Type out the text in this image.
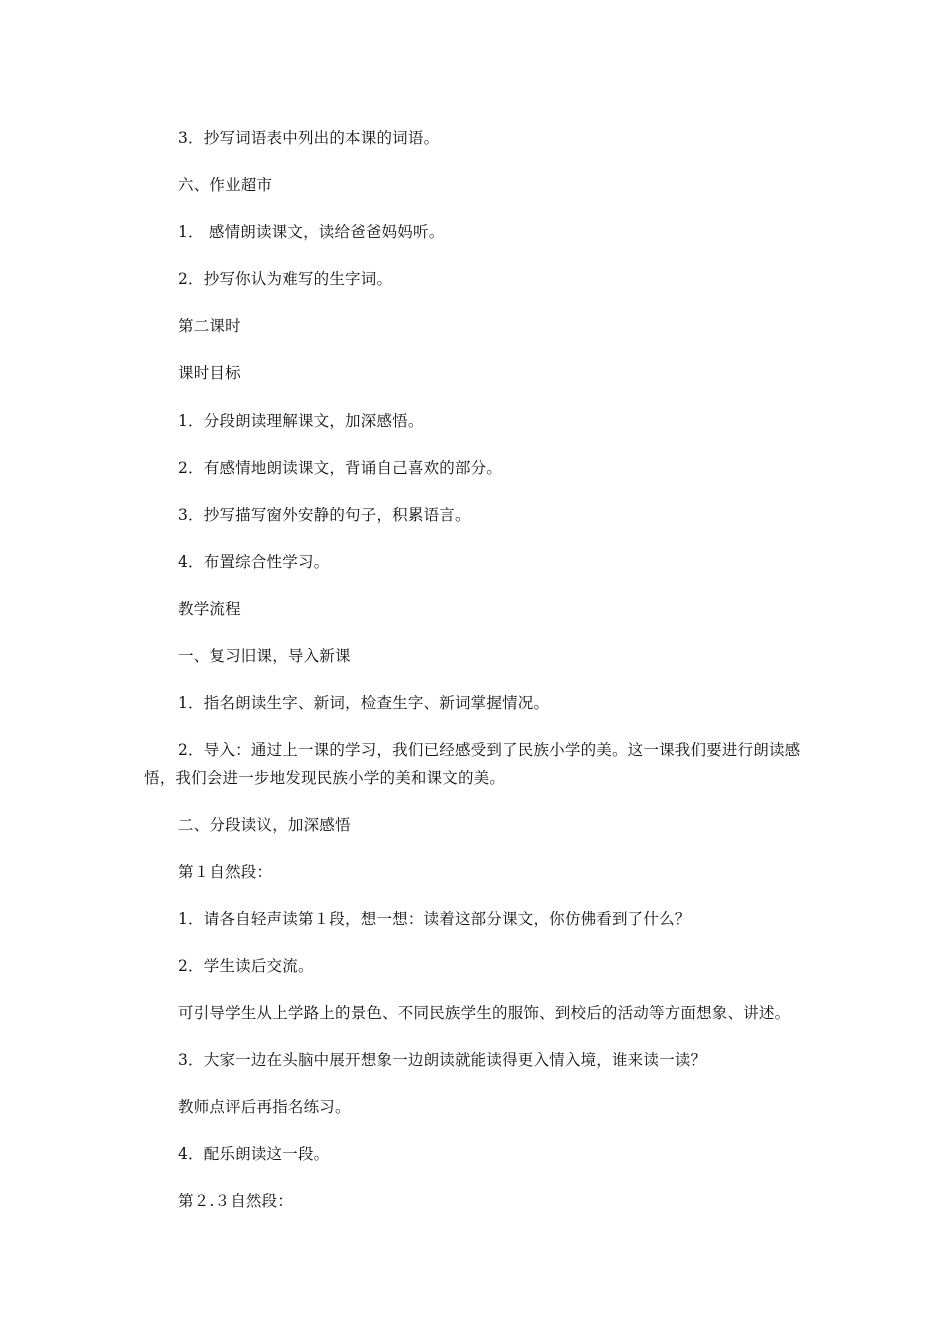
3．抄写词语表中列出的本课的词语。

六、作业超市

1． 感情朗读课文，读给爸爸妈妈听。

2．抄写你认为难写的生字词。

第二课时

课时目标

1．分段朗读理解课文，加深感悟。

2．有感情地朗读课文，背诵自己喜欢的部分。

3．抄写描写窗外安静的句子，积累语言。

4．布置综合性学习。

教学流程

一、复习旧课，导入新课

1．指名朗读生字、新词，检查生字、新词掌握情况。

2．导入：通过上一课的学习，我们已经感受到了民族小学的美。这一课我们要进行朗读感悟，我们会进一步地发现民族小学的美和课文的美。

二、分段读议，加深感悟

第１自然段：

1．请各自轻声读第１段，想一想：读着这部分课文，你仿佛看到了什么？

2．学生读后交流。

可引导学生从上学路上的景色、不同民族学生的服饰、到校后的活动等方面想象、讲述。

3．大家一边在头脑中展开想象一边朗读就能读得更入情入境，谁来读一读？

教师点评后再指名练习。

4．配乐朗读这一段。

第２.３自然段：
